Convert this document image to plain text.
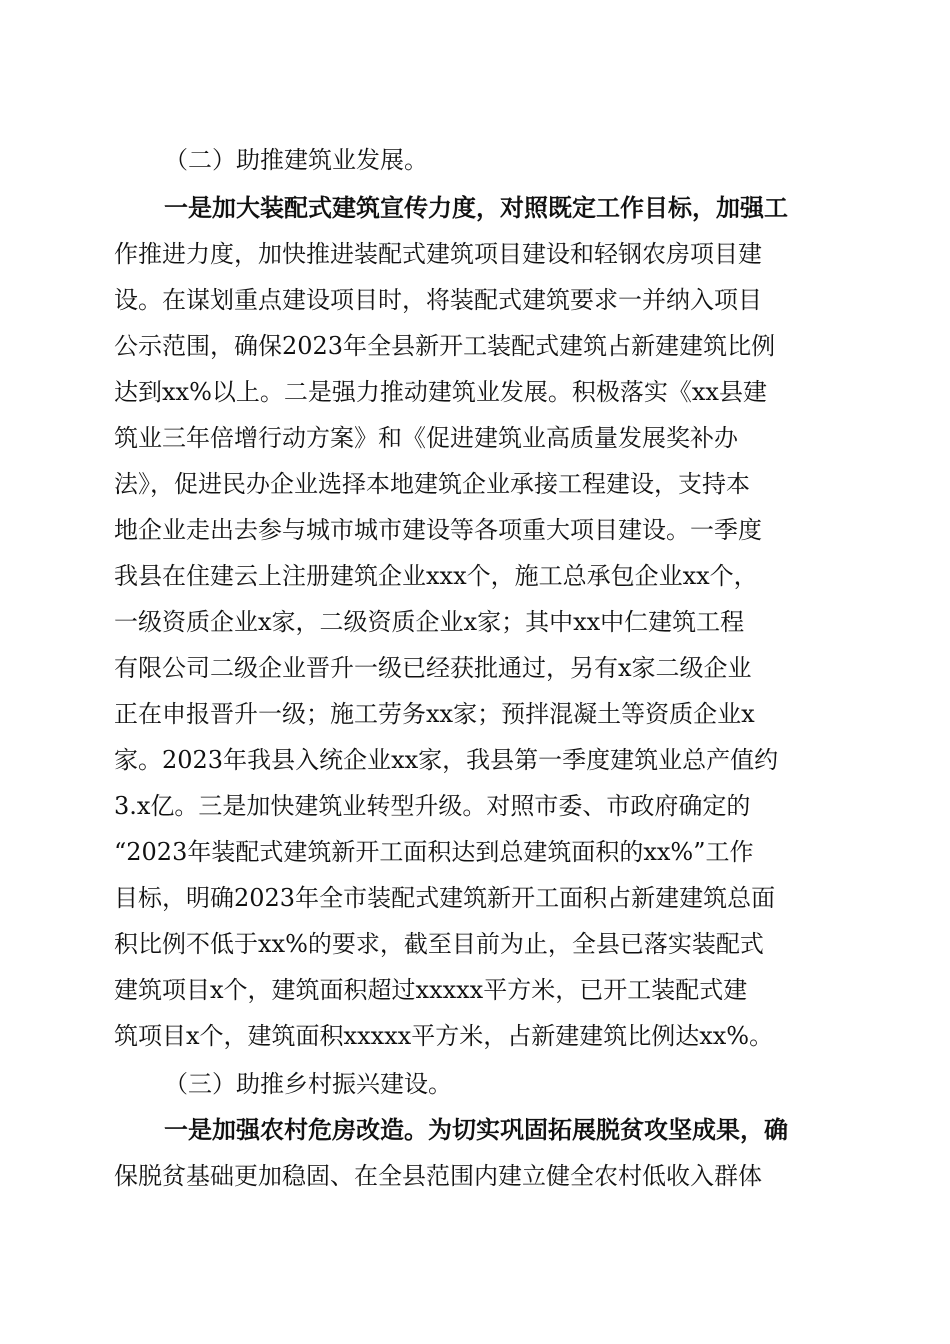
（二）助推建筑业发展。
一是加大装配式建筑宣传力度，对照既定工作目标，加强工
作推进力度，加快推进装配式建筑项目建设和轻钢农房项目建
设。在谋划重点建设项目时，将装配式建筑要求一并纳入项目
公示范围，确保2023年全县新开工装配式建筑占新建建筑比例
达到xx%以上。二是强力推动建筑业发展。积极落实《xx县建
筑业三年倍增行动方案》和《促进建筑业高质量发展奖补办
法》，促进民办企业选择本地建筑企业承接工程建设，支持本
地企业走出去参与城市城市建设等各项重大项目建设。一季度
我县在住建云上注册建筑企业xxx个，施工总承包企业xx个，
一级资质企业x家，二级资质企业x家；其中xx中仁建筑工程
有限公司二级企业晋升一级已经获批通过，另有x家二级企业
正在申报晋升一级；施工劳务xx家；预拌混凝土等资质企业x
家。2023年我县入统企业xx家，我县第一季度建筑业总产值约
3.x亿。三是加快建筑业转型升级。对照市委、市政府确定的
“2023年装配式建筑新开工面积达到总建筑面积的xx%”工作
目标，明确2023年全市装配式建筑新开工面积占新建建筑总面
积比例不低于xx%的要求，截至目前为止，全县已落实装配式
建筑项目x个，建筑面积超过xxxxx平方米，已开工装配式建
筑项目x个，建筑面积xxxxx平方米，占新建建筑比例达xx%。
（三）助推乡村振兴建设。
一是加强农村危房改造。为切实巩固拓展脱贫攻坚成果，确
保脱贫基础更加稳固、在全县范围内建立健全农村低收入群体
